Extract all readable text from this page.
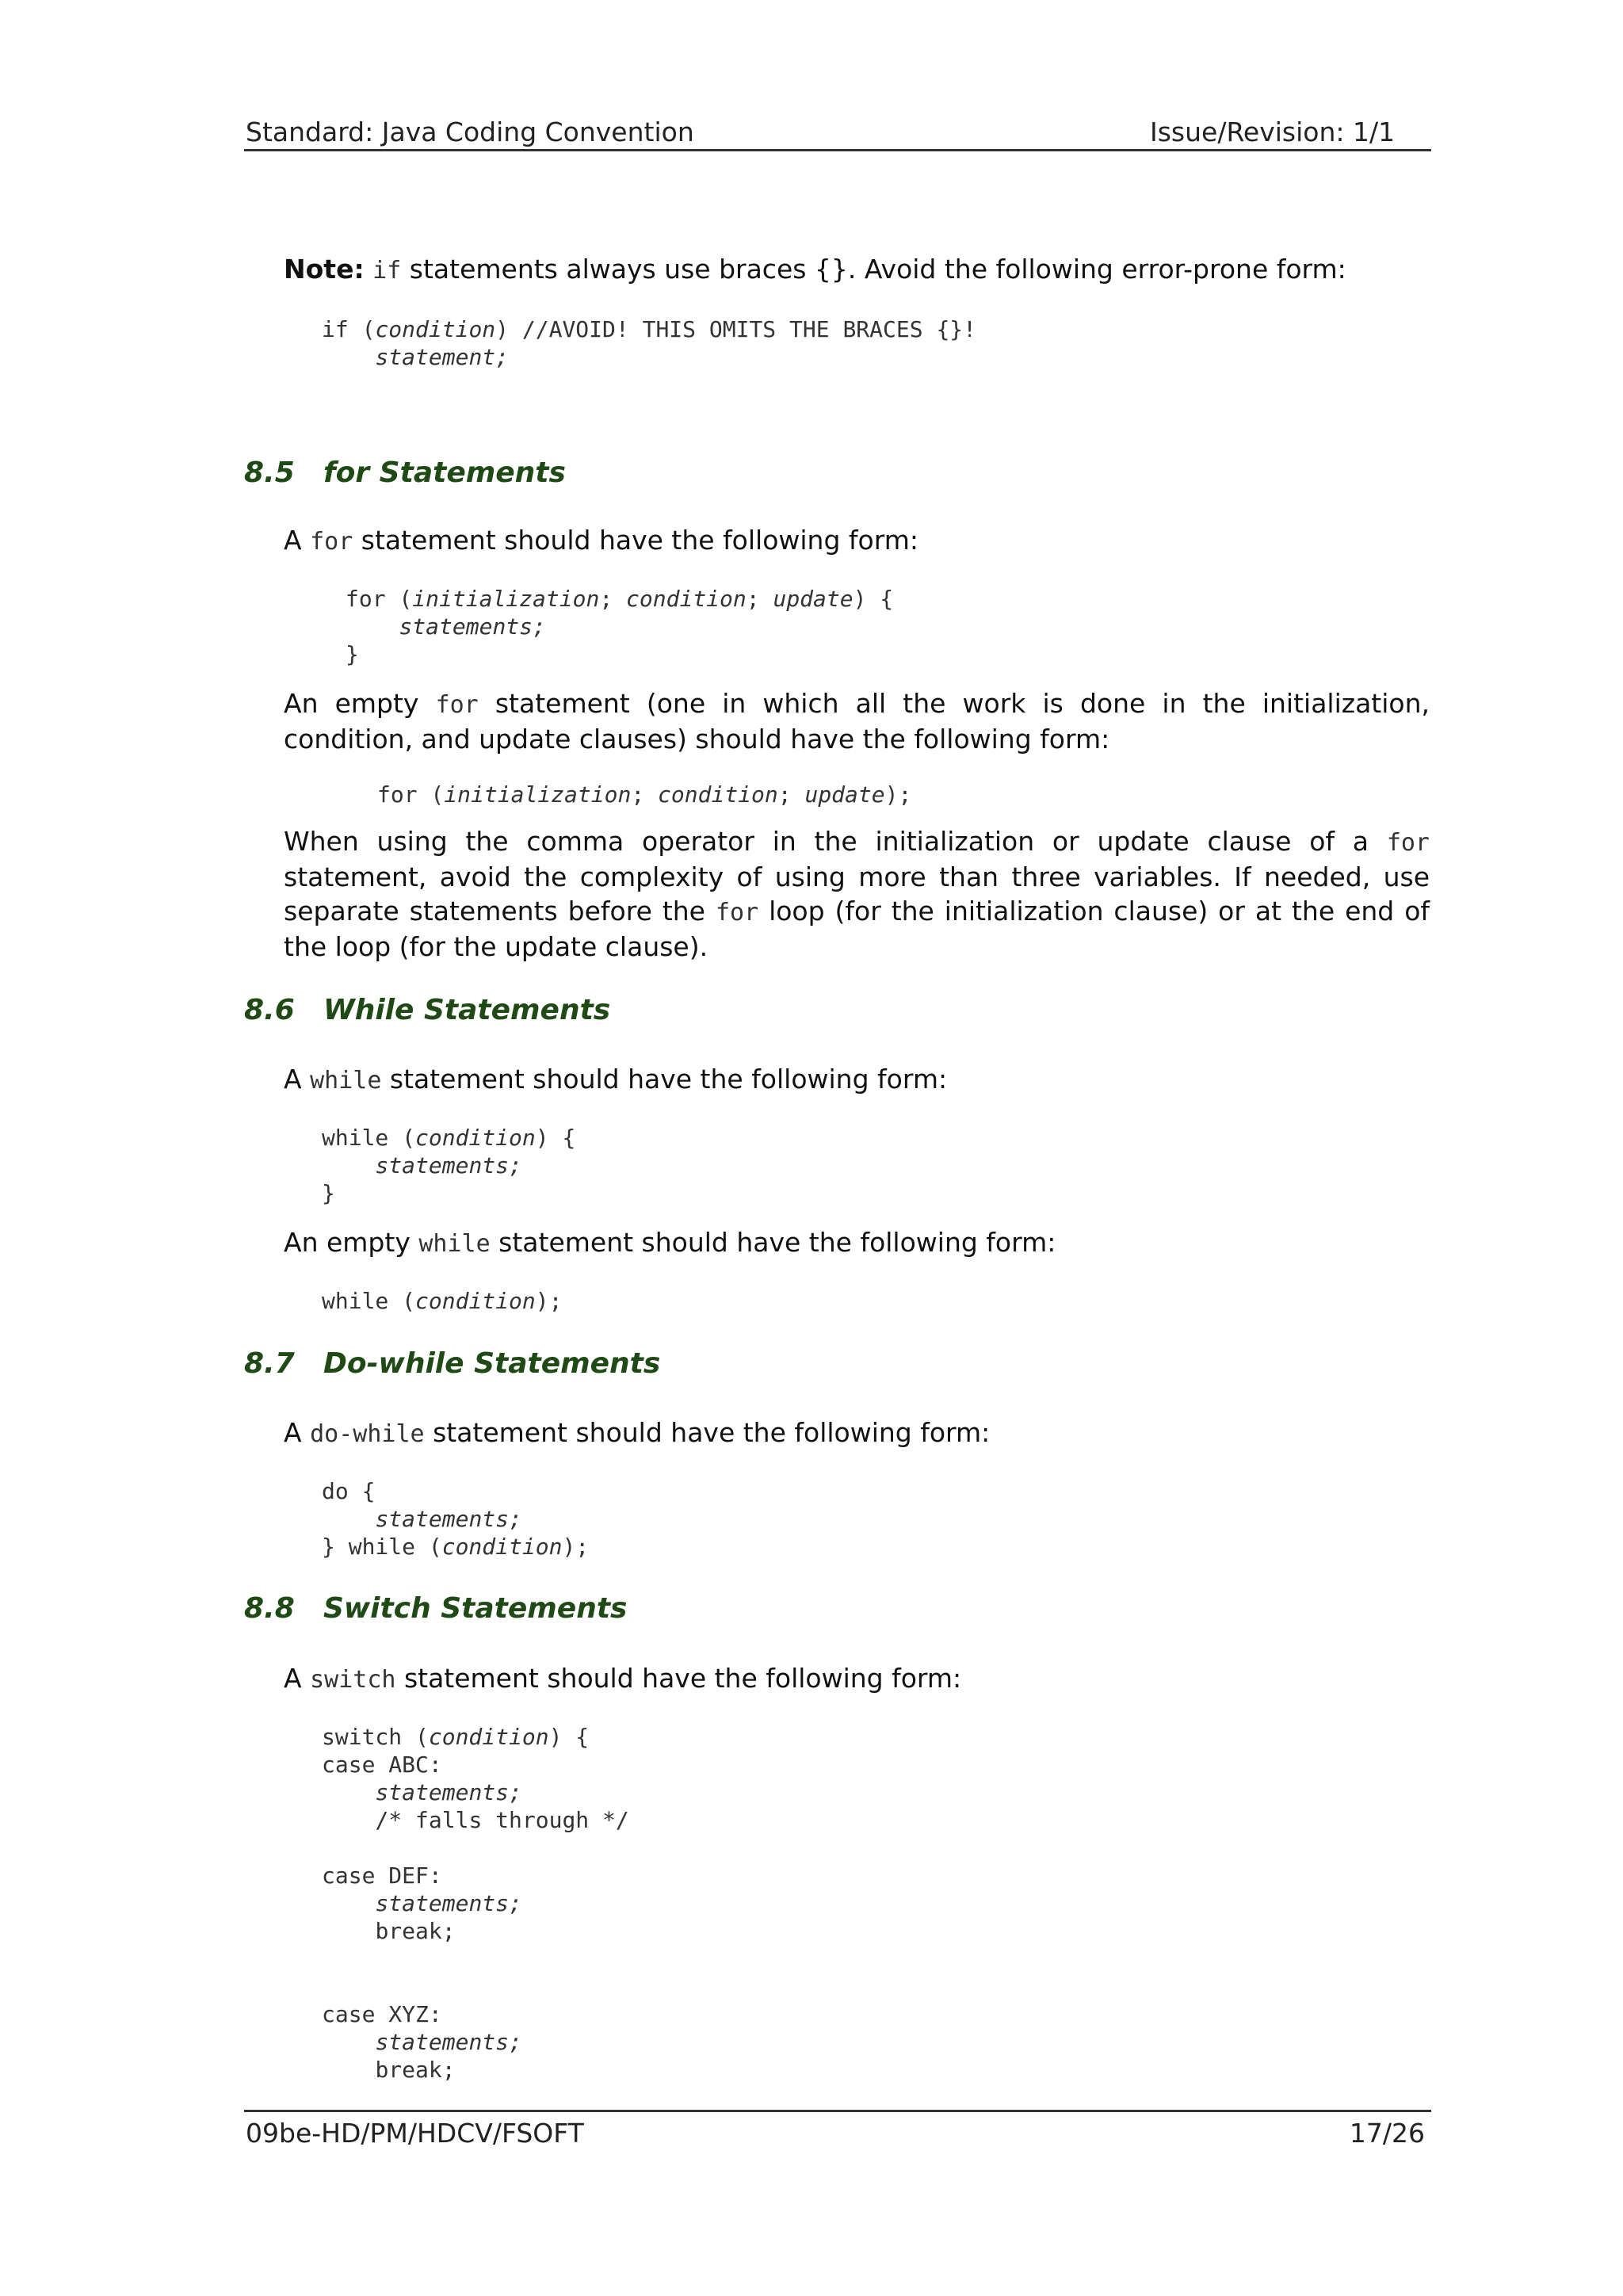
Standard: Java Coding Convention	Issue/Revision: 1/1
Note: if statements always use braces {}. Avoid the following error-prone form:
if (condition) //AVOID! THIS OMITS THE BRACES {}!
statement;
8.5 for Statements
A for statement should have the following form:
for (initialization; condition; update) {
statements;
}
An empty for statement (one in which all the work is done in the initialization, condition, and update clauses) should have the following form:
for (initialization; condition; update);
When using the comma operator in the initialization or update clause of a for statement, avoid the complexity of using more than three variables. If needed, use separate statements before the for loop (for the initialization clause) or at the end of the loop (for the update clause).
8.6 While Statements
A while statement should have the following form:
while (condition) {
statements;
}
An empty while statement should have the following form:
while (condition);
8.7 Do-while Statements
A do-while statement should have the following form:
do {
statements;
} while (condition);
8.8 Switch Statements
A switch statement should have the following form:
switch (condition) {
case ABC:
statements;
/* falls through */

case DEF:
statements;
break;

case XYZ:
statements;
break;
09be-HD/PM/HDCV/FSOFT	17/26
